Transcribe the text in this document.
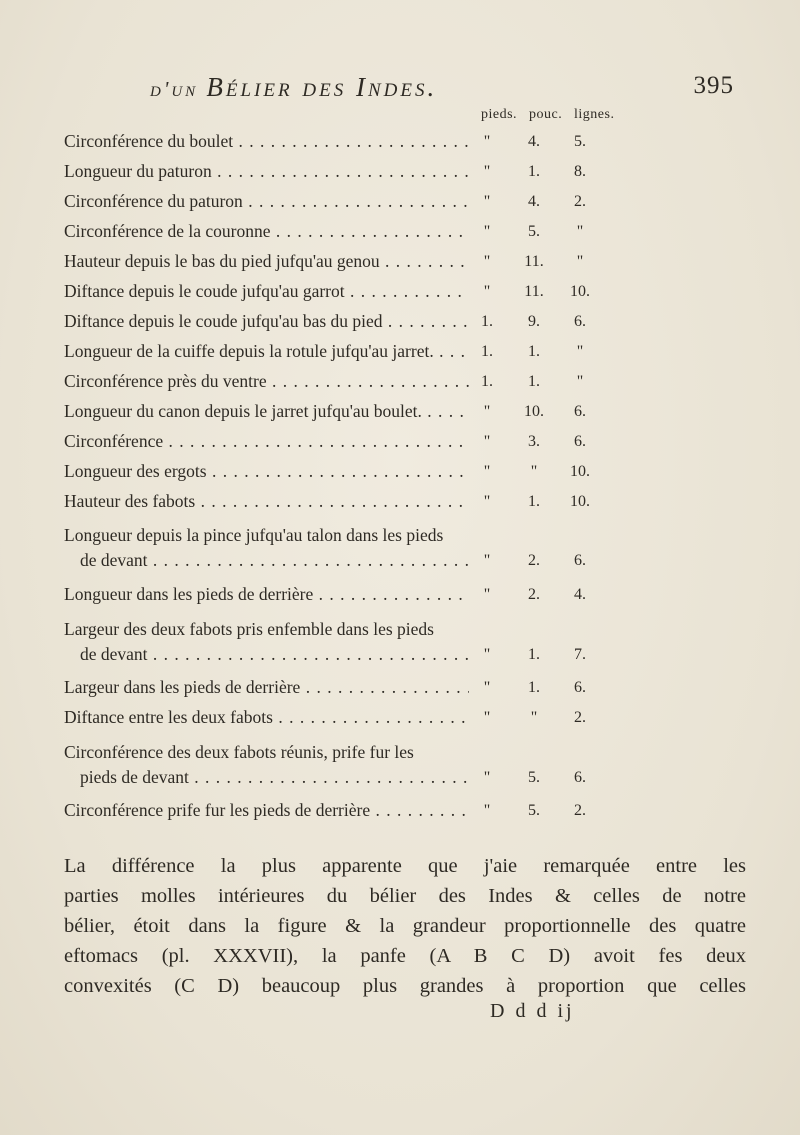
d'un Bélier des Indes.	395
pieds. pouc. lignes.
Circonférence du boulet . . .	"	4.	5.
Longueur du paturon . . .	"	1.	8.
Circonférence du paturon . . .	"	4.	2.
Circonférence de la couronne . . .	"	5.	"
Hauteur depuis le bas du pied jufqu'au genou . . .	"	11.	"
Diftance depuis le coude jufqu'au garrot . . .	"	11.	10.
Diftance depuis le coude jufqu'au bas du pied . . .	1.	9.	6.
Longueur de la cuiffe depuis la rotule jufqu'au jarret. . . .	1.	1.	"
Circonférence près du ventre . . .	1.	1.	"
Longueur du canon depuis le jarret jufqu'au boulet. . . .	"	10.	6.
Circonférence . . .	"	3.	6.
Longueur des ergots . . .	"	"	10.
Hauteur des fabots . . .	"	1.	10.
Longueur depuis la pince jufqu'au talon dans les pieds
de devant . . .	"	2.	6.
Longueur dans les pieds de derrière . . .	"	2.	4.
Largeur des deux fabots pris enfemble dans les pieds
de devant . . .	"	1.	7.
Largeur dans les pieds de derrière . . .	"	1.	6.
Diftance entre les deux fabots . . .	"	"	2.
Circonférence des deux fabots réunis, prife fur les
pieds de devant . . .	"	5.	6.
Circonférence prife fur les pieds de derrière . . .	"	5.	2.

La différence la plus apparente que j'aie remarquée entre les

parties molles intérieures du bélier des Indes & celles de notre

bélier, étoit dans la figure & la grandeur proportionnelle des quatre

eftomacs (pl. XXXVII), la panfe (A B C D) avoit fes deux

convexités (C D) beaucoup plus grandes à proportion que celles

D d d ij
